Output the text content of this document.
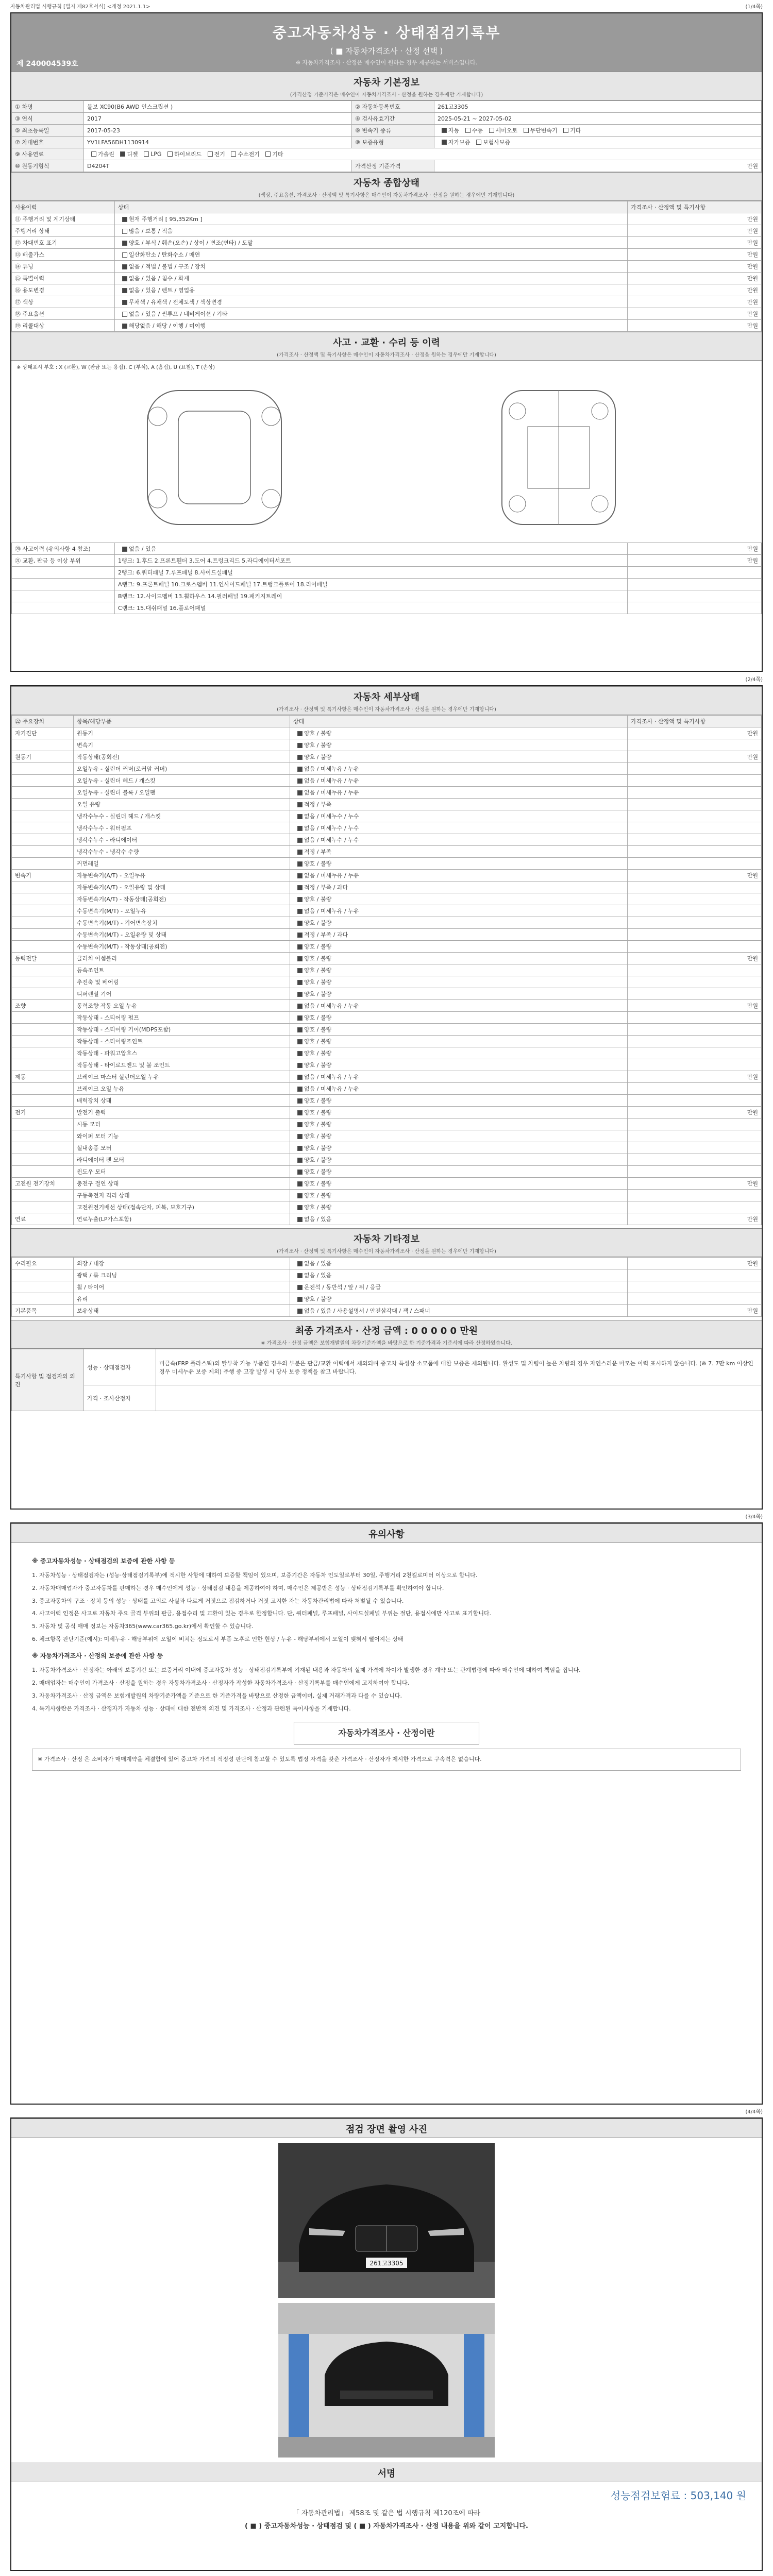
자동차관리법 시행규칙 [별지 제82호서식] <개정 2021.1.1>	(1/4쪽)
중고자동차성능 · 상태점검기록부
( ■ 자동차가격조사 · 산정 선택 )
※ 자동차가격조사 · 산정은 매수인이 원하는 경우 제공하는 서비스입니다.
제 240004539호
자동차 기본정보
(가격산정 기준가격은 매수인이 자동차가격조사 · 산정을 원하는 경우에만 기재합니다)
① 차명	볼보 XC90(B6 AWD 인스크립션 )	② 자동차등록번호	261고3305
③ 연식	2017	④ 검사유효기간	2025-05-21 ~ 2027-05-02
⑤ 최초등록일	2017-05-23	⑥ 변속기 종류	자동 수동 세미오토 무단변속기 기타
⑦ 차대번호	YV1LFA56DH1130914	⑧ 보증유형	자가보증 보험사보증
⑨ 사용연료	가솔린 디젤 LPG 하이브리드 전기 수소전기 기타		
⑩ 원동기형식	D4204T	가격산정 기준가격	만원
자동차 종합상태
(색상, 주요옵션, 가격조사 · 산정액 및 특기사항은 매수인이 자동차가격조사 · 산정을 원하는 경우에만 기재합니다)
사용이력	상태	가격조사 · 산정액 및 특기사항
⑪ 주행거리 및 계기상태	현재 주행거리 [ 95,352Km ]	만원
주행거리 상태	많음 / 보통 / 적음	만원
⑫ 차대번호 표기	양호 / 부식 / 훼손(오손) / 상이 / 변조(변타) / 도말	만원
⑬ 배출가스	일산화탄소 / 탄화수소 / 매연	만원
⑭ 튜닝	없음 / 적법 / 불법 / 구조 / 장치	만원
⑮ 특별이력	없음 / 있음 / 침수 / 화재	만원
⑯ 용도변경	없음 / 있음 / 렌트 / 영업용	만원
⑰ 색상	무채색 / 유채색 / 전체도색 / 색상변경	만원
⑱ 주요옵션	없음 / 있음 / 썬루프 / 네비게이션 / 기타	만원
⑲ 리콜대상	해당없음 / 해당 / 이행 / 미이행	만원
사고 · 교환 · 수리 등 이력
(가격조사 · 산정액 및 특기사항은 매수인이 자동차가격조사 · 산정을 원하는 경우에만 기재합니다)
※ 상태표시 부호 : X (교환), W (판금 또는 용접), C (부식), A (흠집), U (요철), T (손상)
⑳ 사고이력 (유의사항 4 참조)	없음 / 있음	만원
㉑ 교환, 판금 등 이상 부위	1랭크: 1.후드 2.프론트휀더 3.도어 4.트렁크리드 5.라디에이터서포트	만원
	2랭크: 6.쿼터패널 7.루프패널 8.사이드실패널	
	A랭크: 9.프론트패널 10.크로스멤버 11.인사이드패널 17.트렁크플로어 18.리어패널	
	B랭크: 12.사이드멤버 13.휠하우스 14.필러패널 19.패키지트레이	
	C랭크: 15.대쉬패널 16.플로어패널	
(2/4쪽)
자동차 세부상태
(가격조사 · 산정액 및 특기사항은 매수인이 자동차가격조사 · 산정을 원하는 경우에만 기재합니다)
㉒ 주요장치	항목/해당부품	상태	가격조사 · 산정액 및 특기사항
자기진단	원동기	양호 / 불량	만원
	변속기	양호 / 불량	
원동기	작동상태(공회전)	양호 / 불량	만원
	오일누유 - 실린더 커버(로커암 커버)	없음 / 미세누유 / 누유	
	오일누유 - 실린더 헤드 / 개스킷	없음 / 미세누유 / 누유	
	오일누유 - 실린더 블록 / 오일팬	없음 / 미세누유 / 누유	
	오일 유량	적정 / 부족	
	냉각수누수 - 실린더 헤드 / 개스킷	없음 / 미세누수 / 누수	
	냉각수누수 - 워터펌프	없음 / 미세누수 / 누수	
	냉각수누수 - 라디에이터	없음 / 미세누수 / 누수	
	냉각수누수 - 냉각수 수량	적정 / 부족	
	커먼레일	양호 / 불량	
변속기	자동변속기(A/T) - 오일누유	없음 / 미세누유 / 누유	만원
	자동변속기(A/T) - 오일유량 및 상태	적정 / 부족 / 과다	
	자동변속기(A/T) - 작동상태(공회전)	양호 / 불량	
	수동변속기(M/T) - 오일누유	없음 / 미세누유 / 누유	
	수동변속기(M/T) - 기어변속장치	양호 / 불량	
	수동변속기(M/T) - 오일유량 및 상태	적정 / 부족 / 과다	
	수동변속기(M/T) - 작동상태(공회전)	양호 / 불량	
동력전달	클러치 어셈블리	양호 / 불량	만원
	등속조인트	양호 / 불량	
	추진축 및 베어링	양호 / 불량	
	디퍼렌셜 기어	양호 / 불량	
조향	동력조향 작동 오일 누유	없음 / 미세누유 / 누유	만원
	작동상태 - 스티어링 펌프	양호 / 불량	
	작동상태 - 스티어링 기어(MDPS포함)	양호 / 불량	
	작동상태 - 스티어링조인트	양호 / 불량	
	작동상태 - 파워고압호스	양호 / 불량	
	작동상태 - 타이로드엔드 및 볼 조인트	양호 / 불량	
제동	브레이크 마스터 실린더오일 누유	없음 / 미세누유 / 누유	만원
	브레이크 오일 누유	없음 / 미세누유 / 누유	
	배력장치 상태	양호 / 불량	
전기	발전기 출력	양호 / 불량	만원
	시동 모터	양호 / 불량	
	와이퍼 모터 기능	양호 / 불량	
	실내송풍 모터	양호 / 불량	
	라디에이터 팬 모터	양호 / 불량	
	윈도우 모터	양호 / 불량	
고전원 전기장치	충전구 절연 상태	양호 / 불량	만원
	구동축전지 격리 상태	양호 / 불량	
	고전원전기배선 상태(접속단자, 피복, 보호기구)	양호 / 불량	
연료	연료누출(LP가스포함)	없음 / 있음	만원
자동차 기타정보
(가격조사 · 산정액 및 특기사항은 매수인이 자동차가격조사 · 산정을 원하는 경우에만 기재합니다)
수리필요	외장 / 내장	없음 / 있음	만원
	광택 / 룸 크리닝	없음 / 있음	
	휠 / 타이어	운전석 / 동반석 / 앞 / 뒤 / 응급	
	유리	양호 / 불량	
기본품목	보유상태	없음 / 있음 / 사용설명서 / 안전삼각대 / 잭 / 스패너	만원
최종 가격조사 · 산정 금액 : 0 0 0 0 0 만원
※ 가격조사 · 산정 금액은 보험개발원의 차량기준가액을 바탕으로 한 기준가격과 기준서에 따라 산정하였습니다.
특기사항 및 점검자의 의견	성능 · 상태점검자	비금속(FRP 플라스틱)의 탈부착 가능 부품인 경우의 부분은 판금/교환 이력에서 제외되며 중고차 특성상 소모품에 대한 보증은 제외됩니다. 완성도 및 차령이 높은 차량의 경우 자연스러운 마모는 이력 표시하지 않습니다. (※ 7. 7만 km 이상인 경우 미세누유 보증 제외) 주행 중 고장 발생 시 당사 보증 정책을 참고 바랍니다.
	가격 · 조사산정자	
(3/4쪽)
유의사항
※ 중고자동차성능 · 상태점검의 보증에 관한 사항 등

1. 자동차성능 · 상태점검자는 (성능·상태점검기록부)에 적시한 사항에 대하여 보증할 책임이 있으며, 보증기간은 자동차 인도일로부터 30일, 주행거리 2천킬로미터 이상으로 합니다.

2. 자동차매매업자가 중고자동차를 판매하는 경우 매수인에게 성능 · 상태점검 내용을 제공하여야 하며, 매수인은 제공받은 성능 · 상태점검기록부를 확인하여야 합니다.

3. 중고자동차의 구조 · 장치 등의 성능 · 상태를 고의로 사실과 다르게 거짓으로 점검하거나 거짓 고지한 자는 자동차관리법에 따라 처벌될 수 있습니다.

4. 사고이력 인정은 사고로 자동차 주요 골격 부위의 판금, 용접수리 및 교환이 있는 경우로 한정합니다. 단, 쿼터패널, 루프패널, 사이드실패널 부위는 절단, 용접시에만 사고로 표기합니다.

5. 자동차 및 공식 매매 정보는 자동차365(www.car365.go.kr)에서 확인할 수 있습니다.

6. 체크항목 판단기준(예시): 미세누유 - 해당부위에 오일이 비치는 정도로서 부품 노후로 인한 현상 / 누유 - 해당부위에서 오일이 맺혀서 떨어지는 상태

※ 자동차가격조사 · 산정의 보증에 관한 사항 등

1. 자동차가격조사 · 산정자는 아래의 보증기간 또는 보증거리 이내에 중고자동차 성능 · 상태점검기록부에 기재된 내용과 자동차의 실제 가격에 차이가 발생한 경우 계약 또는 관계법령에 따라 매수인에 대하여 책임을 집니다.

2. 매매업자는 매수인이 가격조사 · 산정을 원하는 경우 자동차가격조사 · 산정자가 작성한 자동차가격조사 · 산정기록부를 매수인에게 고지하여야 합니다.

3. 자동차가격조사 · 산정 금액은 보험개발원의 차량기준가액을 기준으로 한 기준가격을 바탕으로 산정한 금액이며, 실제 거래가격과 다를 수 있습니다.

4. 특기사항란은 가격조사 · 산정자가 자동차 성능 · 상태에 대한 전반적 의견 및 가격조사 · 산정과 관련된 특이사항을 기재합니다.

자동차가격조사 · 산정이란

※ 가격조사 · 산정 은 소비자가 매매계약을 체결함에 있어 중고차 가격의 적정성 판단에 참고할 수 있도록 법정 자격을 갖춘 가격조사 · 산정자가 제시한 가격으로 구속력은 없습니다.

(4/4쪽)
점검 장면 촬영 사진
261고3305
서명
성능점검보험료 : 503,140 원
「 자동차관리법」 제58조 및 같은 법 시행규칙 제120조에 따라
( ■ ) 중고자동차성능 · 상태점검 및 ( ■ ) 자동차가격조사 · 산정 내용을 위와 같이 고지합니다.
